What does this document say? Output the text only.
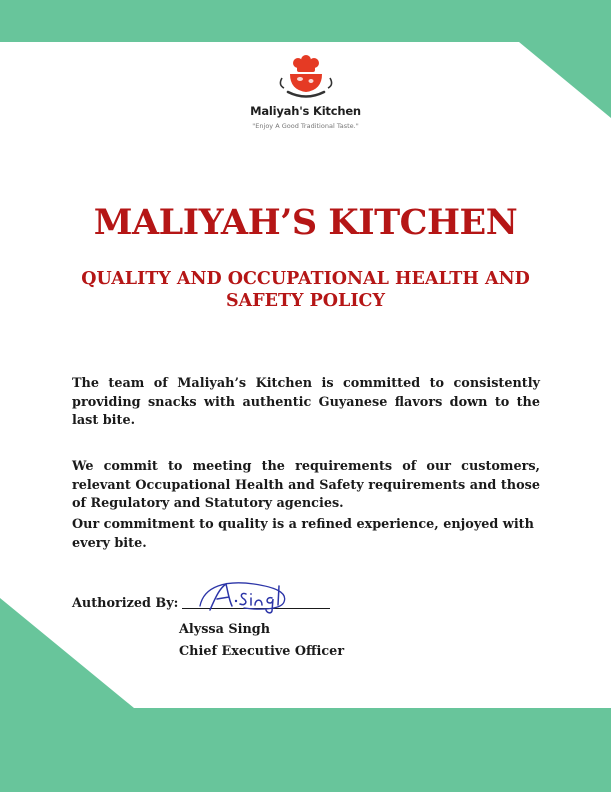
Maliyah's Kitchen
"Enjoy A Good Traditional Taste."
MALIYAH’S KITCHEN
QUALITY AND OCCUPATIONAL HEALTH AND SAFETY POLICY
The team of Maliyah’s Kitchen is committed to consistently providing snacks with authentic Guyanese flavors down to the last bite.
We commit to meeting the requirements of our customers, relevant Occupational Health and Safety requirements and those of Regulatory and Statutory agencies.
Our commitment to quality is a refined experience, enjoyed with every bite.
Authorized By:
Alyssa Singh
Chief Executive Officer
